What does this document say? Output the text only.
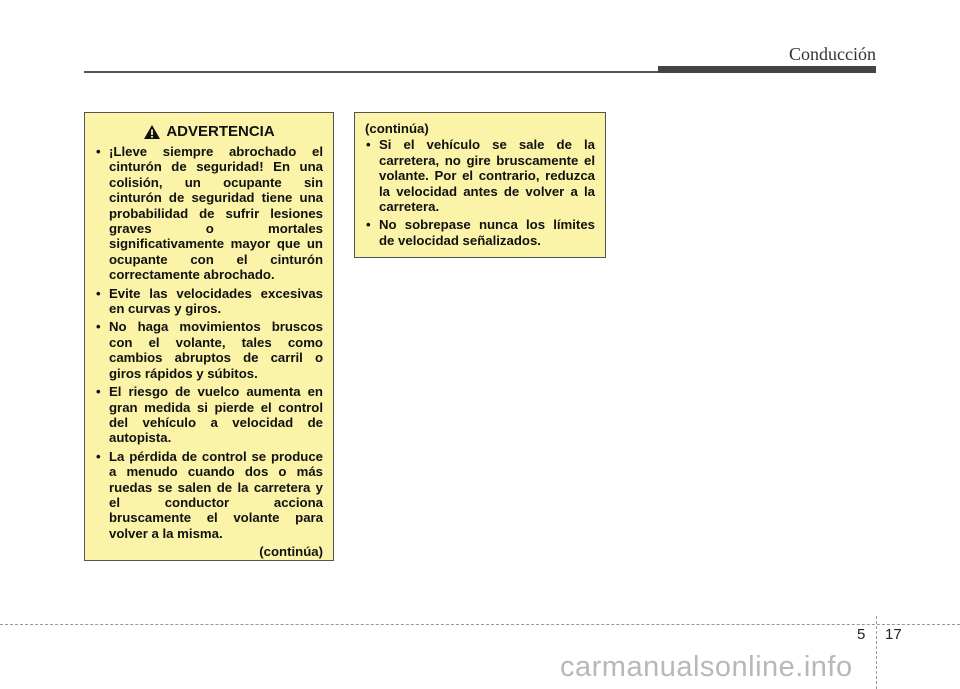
Conducción
ADVERTENCIA
• ¡Lleve siempre abrochado el cinturón de seguridad! En una colisión, un ocupante sin cinturón de seguridad tiene una probabilidad de sufrir lesiones graves o mortales significativamente mayor que un ocupante con el cinturón correctamente abrochado.
• Evite las velocidades excesivas en curvas y giros.
• No haga movimientos bruscos con el volante, tales como cambios abruptos de carril o giros rápidos y súbitos.
• El riesgo de vuelco aumenta en gran medida si pierde el control del vehículo a velocidad de autopista.
• La pérdida de control se produce a menudo cuando dos o más ruedas se salen de la carretera y el conductor acciona bruscamente el volante para volver a la misma.
(continúa)
(continúa)
• Si el vehículo se sale de la carretera, no gire bruscamente el volante. Por el contrario, reduzca la velocidad antes de volver a la carretera.
• No sobrepase nunca los límites de velocidad señalizados.
5 17
carmanualsonline.info
